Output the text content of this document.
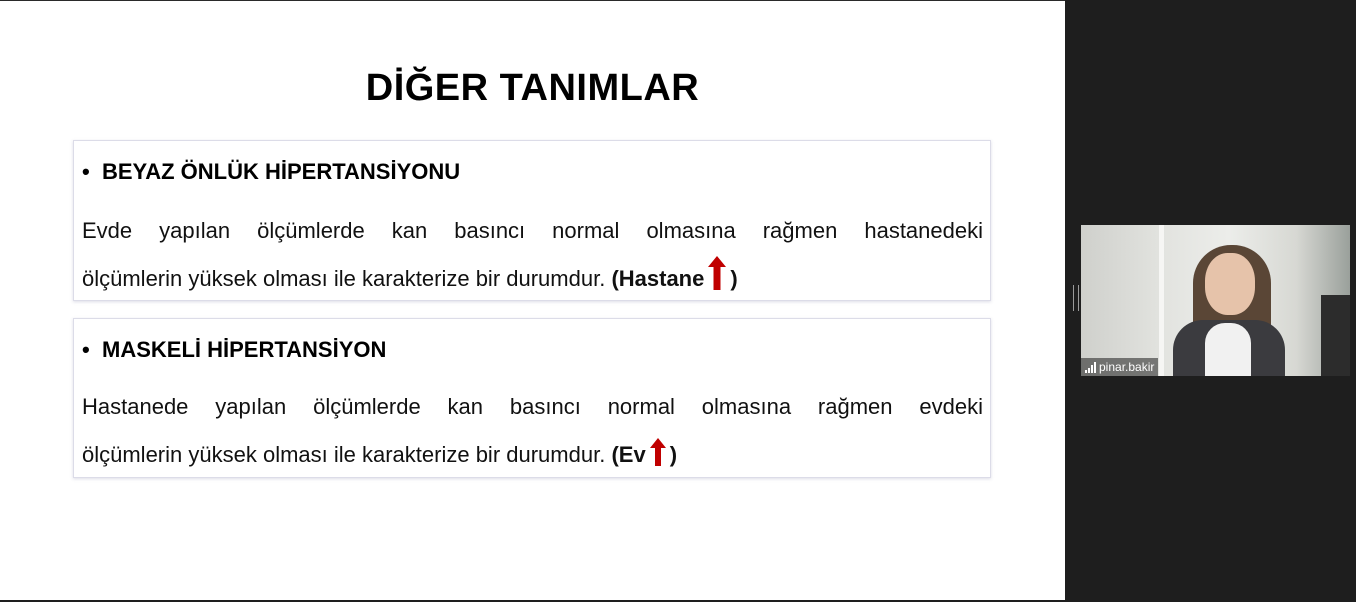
DİĞER TANIMLAR
• BEYAZ ÖNLÜK HİPERTANSİYONU
Evde yapılan ölçümlerde kan basıncı normal olmasına rağmen hastanedeki
ölçümlerin yüksek olması ile karakterize bir durumdur. (Hastane )
• MASKELİ HİPERTANSİYON
Hastanede yapılan ölçümlerde kan basıncı normal olmasına rağmen evdeki
ölçümlerin yüksek olması ile karakterize bir durumdur. (Ev )
pinar.bakir
